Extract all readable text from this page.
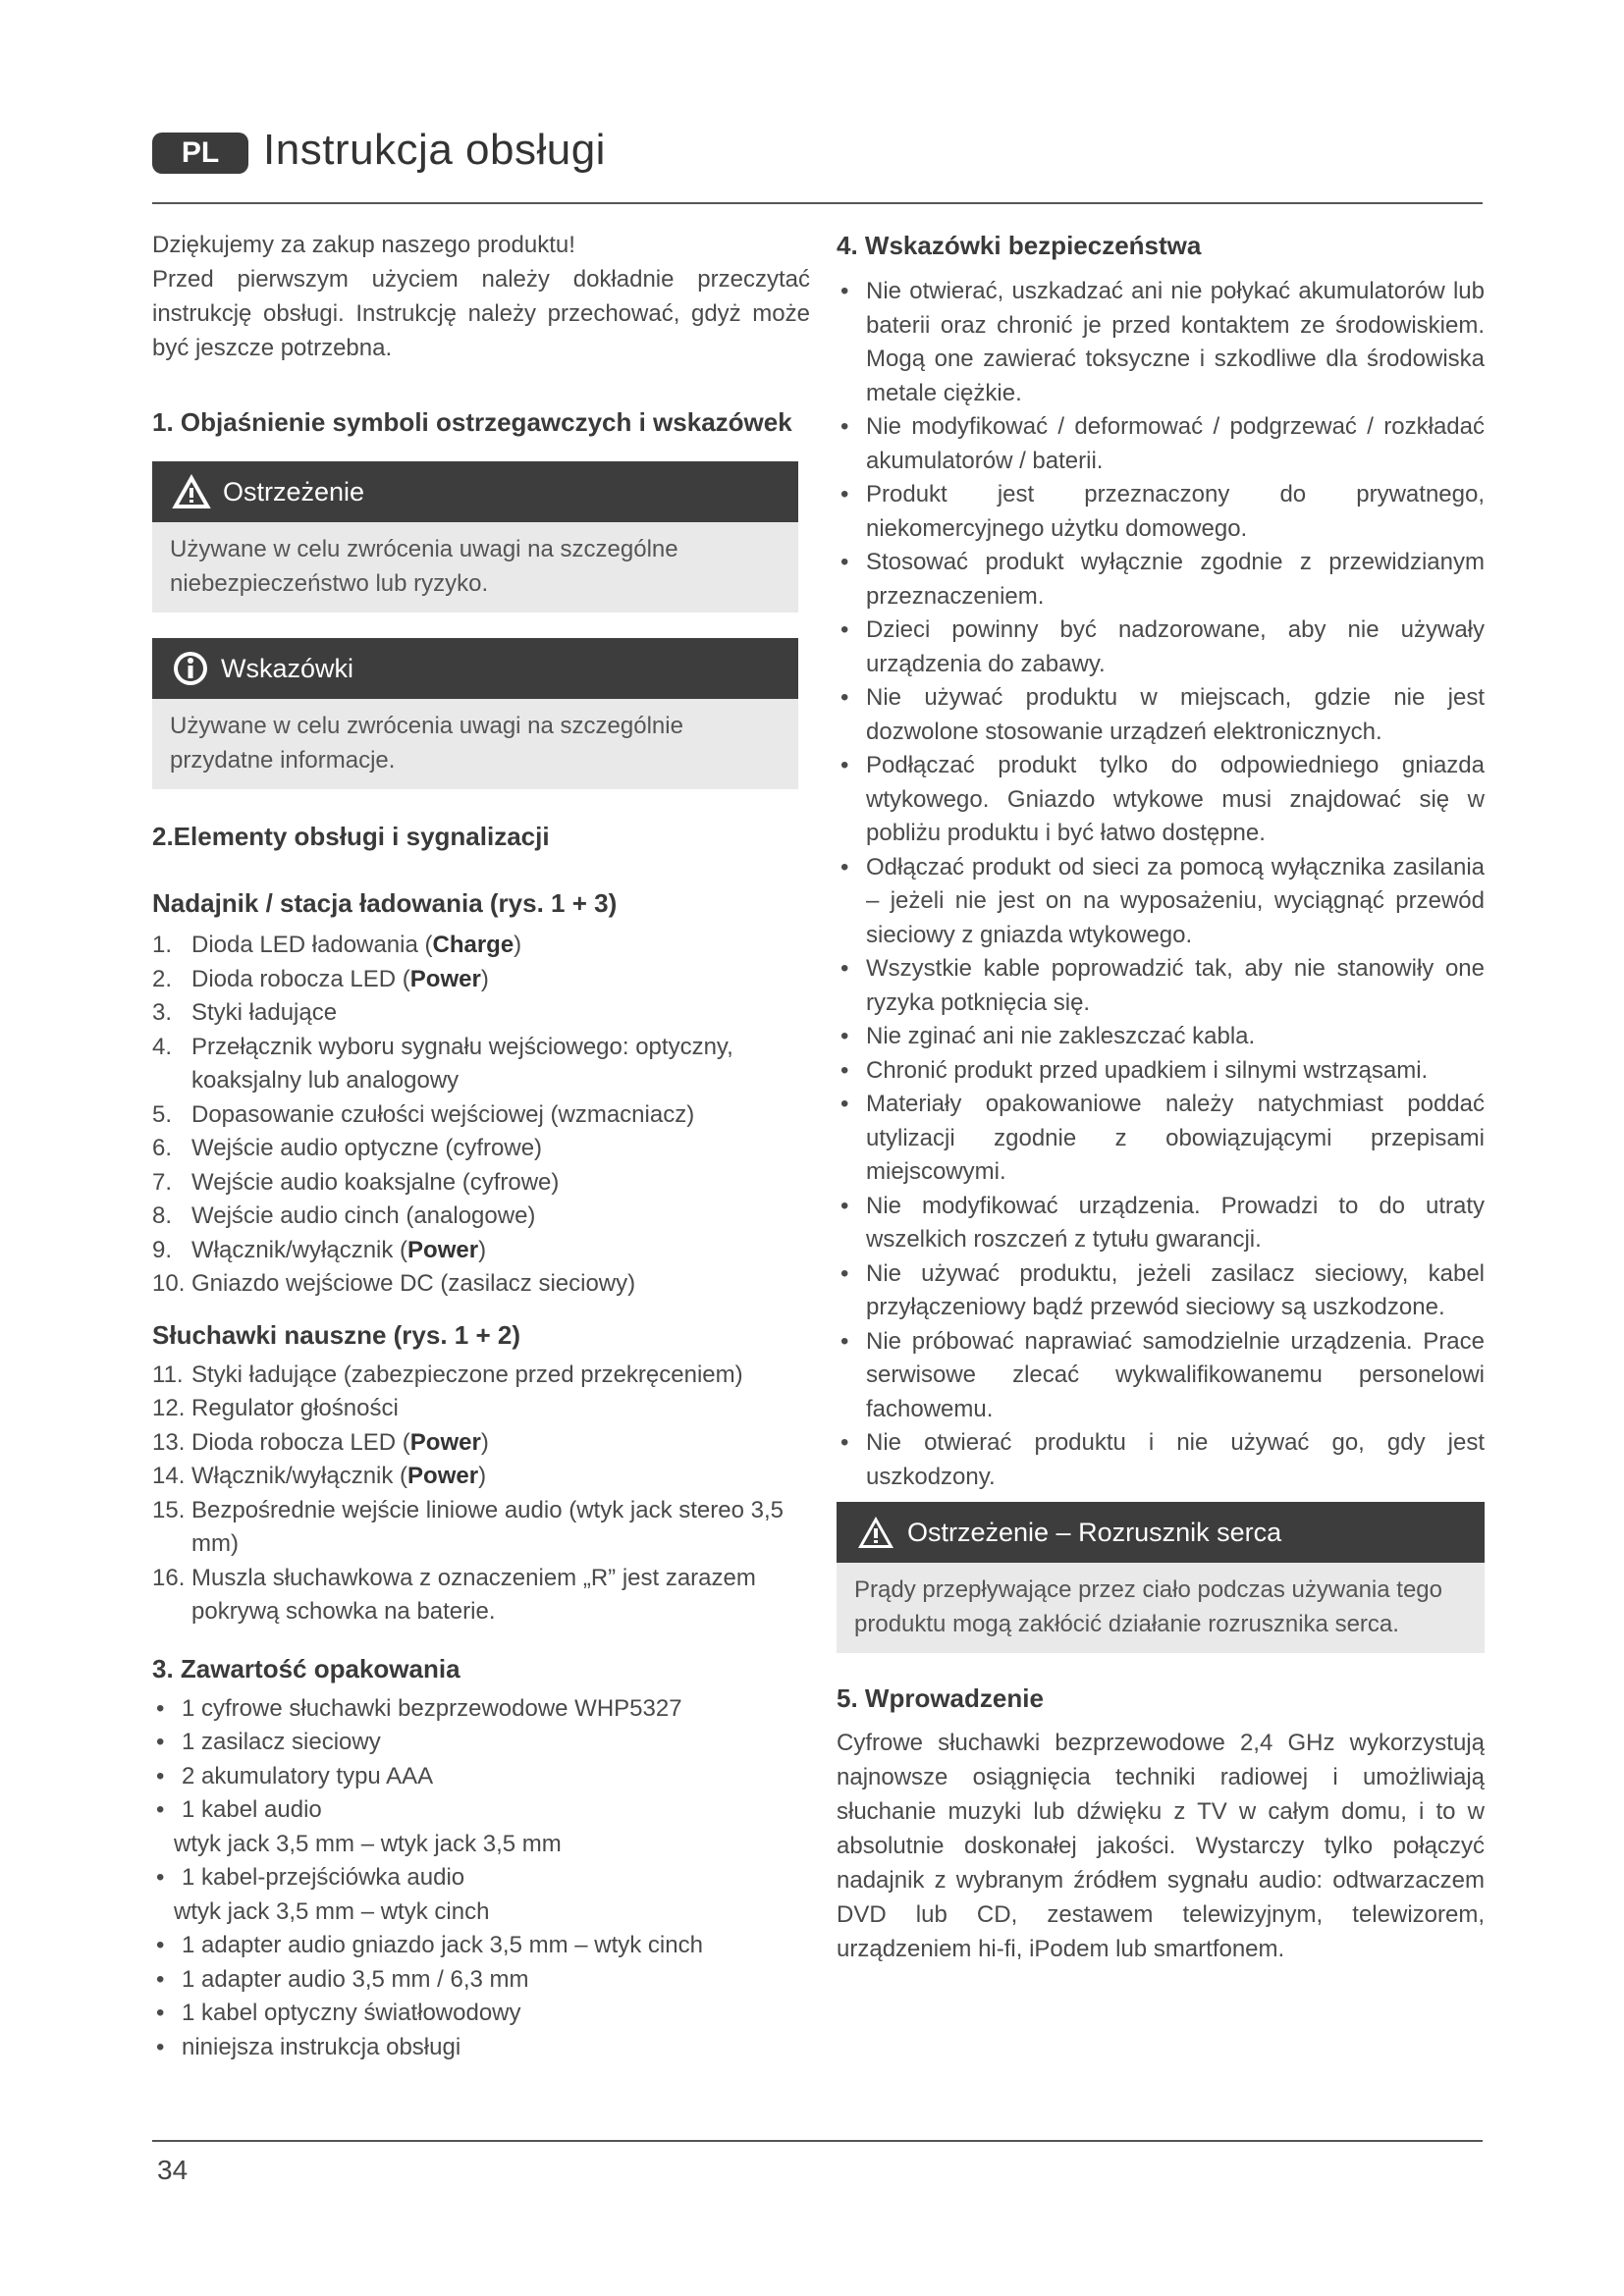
PL	Instrukcja obsługi

Dziękujemy za zakup naszego produktu!

Przed pierwszym użyciem należy dokładnie przeczytać instrukcję obsługi. Instrukcję należy przechować, gdyż może być jeszcze potrzebna.

1. Objaśnienie symboli ostrzegawczych i wskazówek
Ostrzeżenie
Używane w celu zwrócenia uwagi na szczególne niebezpieczeństwo lub ryzyko.
Wskazówki
Używane w celu zwrócenia uwagi na szczególnie przydatne informacje.
2.Elementy obsługi i sygnalizacji
Nadajnik / stacja ładowania (rys. 1 + 3)
1. Dioda LED ładowania (Charge)
2. Dioda robocza LED (Power)
3. Styki ładujące
4. Przełącznik wyboru sygnału wejściowego: optyczny, koaksjalny lub analogowy
5. Dopasowanie czułości wejściowej (wzmacniacz)
6. Wejście audio optyczne (cyfrowe)
7. Wejście audio koaksjalne (cyfrowe)
8. Wejście audio cinch (analogowe)
9. Włącznik/wyłącznik (Power)
10. Gniazdo wejściowe DC (zasilacz sieciowy)
Słuchawki nauszne (rys. 1 + 2)
11. Styki ładujące (zabezpieczone przed przekręceniem)
12. Regulator głośności
13. Dioda robocza LED (Power)
14. Włącznik/wyłącznik (Power)
15. Bezpośrednie wejście liniowe audio (wtyk jack stereo 3,5 mm)
16. Muszla słuchawkowa z oznaczeniem „R” jest zarazem pokrywą schowka na baterie.
3. Zawartość opakowania
• 1 cyfrowe słuchawki bezprzewodowe WHP5327
• 1 zasilacz sieciowy
• 2 akumulatory typu AAA
• 1 kabel audio
wtyk jack 3,5 mm – wtyk jack 3,5 mm
• 1 kabel-przejściówka audio
wtyk jack 3,5 mm – wtyk cinch
• 1 adapter audio gniazdo jack 3,5 mm – wtyk cinch
• 1 adapter audio 3,5 mm / 6,3 mm
• 1 kabel optyczny światłowodowy
• niniejsza instrukcja obsługi
4. Wskazówki bezpieczeństwa
• Nie otwierać, uszkadzać ani nie połykać akumulatorów lub baterii oraz chronić je przed kontaktem ze środowiskiem. Mogą one zawierać toksyczne i szkodliwe dla środowiska metale ciężkie.
• Nie modyfikować / deformować / podgrzewać / rozkładać akumulatorów / baterii.
• Produkt jest przeznaczony do prywatnego, niekomercyjnego użytku domowego.
• Stosować produkt wyłącznie zgodnie z przewidzianym przeznaczeniem.
• Dzieci powinny być nadzorowane, aby nie używały urządzenia do zabawy.
• Nie używać produktu w miejscach, gdzie nie jest dozwolone stosowanie urządzeń elektronicznych.
• Podłączać produkt tylko do odpowiedniego gniazda wtykowego. Gniazdo wtykowe musi znajdować się w pobliżu produktu i być łatwo dostępne.
• Odłączać produkt od sieci za pomocą wyłącznika zasilania – jeżeli nie jest on na wyposażeniu, wyciągnąć przewód sieciowy z gniazda wtykowego.
• Wszystkie kable poprowadzić tak, aby nie stanowiły one ryzyka potknięcia się.
• Nie zginać ani nie zakleszczać kabla.
• Chronić produkt przed upadkiem i silnymi wstrząsami.
• Materiały opakowaniowe należy natychmiast poddać utylizacji zgodnie z obowiązującymi przepisami miejscowymi.
• Nie modyfikować urządzenia. Prowadzi to do utraty wszelkich roszczeń z tytułu gwarancji.
• Nie używać produktu, jeżeli zasilacz sieciowy, kabel przyłączeniowy bądź przewód sieciowy są uszkodzone.
• Nie próbować naprawiać samodzielnie urządzenia. Prace serwisowe zlecać wykwalifikowanemu personelowi fachowemu.
• Nie otwierać produktu i nie używać go, gdy jest uszkodzony.
Ostrzeżenie – Rozrusznik serca
Prądy przepływające przez ciało podczas używania tego produktu mogą zakłócić działanie rozrusznika serca.
5. Wprowadzenie

Cyfrowe słuchawki bezprzewodowe 2,4 GHz wykorzystują najnowsze osiągnięcia techniki radiowej i umożliwiają słuchanie muzyki lub dźwięku z TV w całym domu, i to w absolutnie doskonałej jakości. Wystarczy tylko połączyć nadajnik z wybranym źródłem sygnału audio: odtwarzaczem DVD lub CD, zestawem telewizyjnym, telewizorem, urządzeniem hi-fi, iPodem lub smartfonem.

34
